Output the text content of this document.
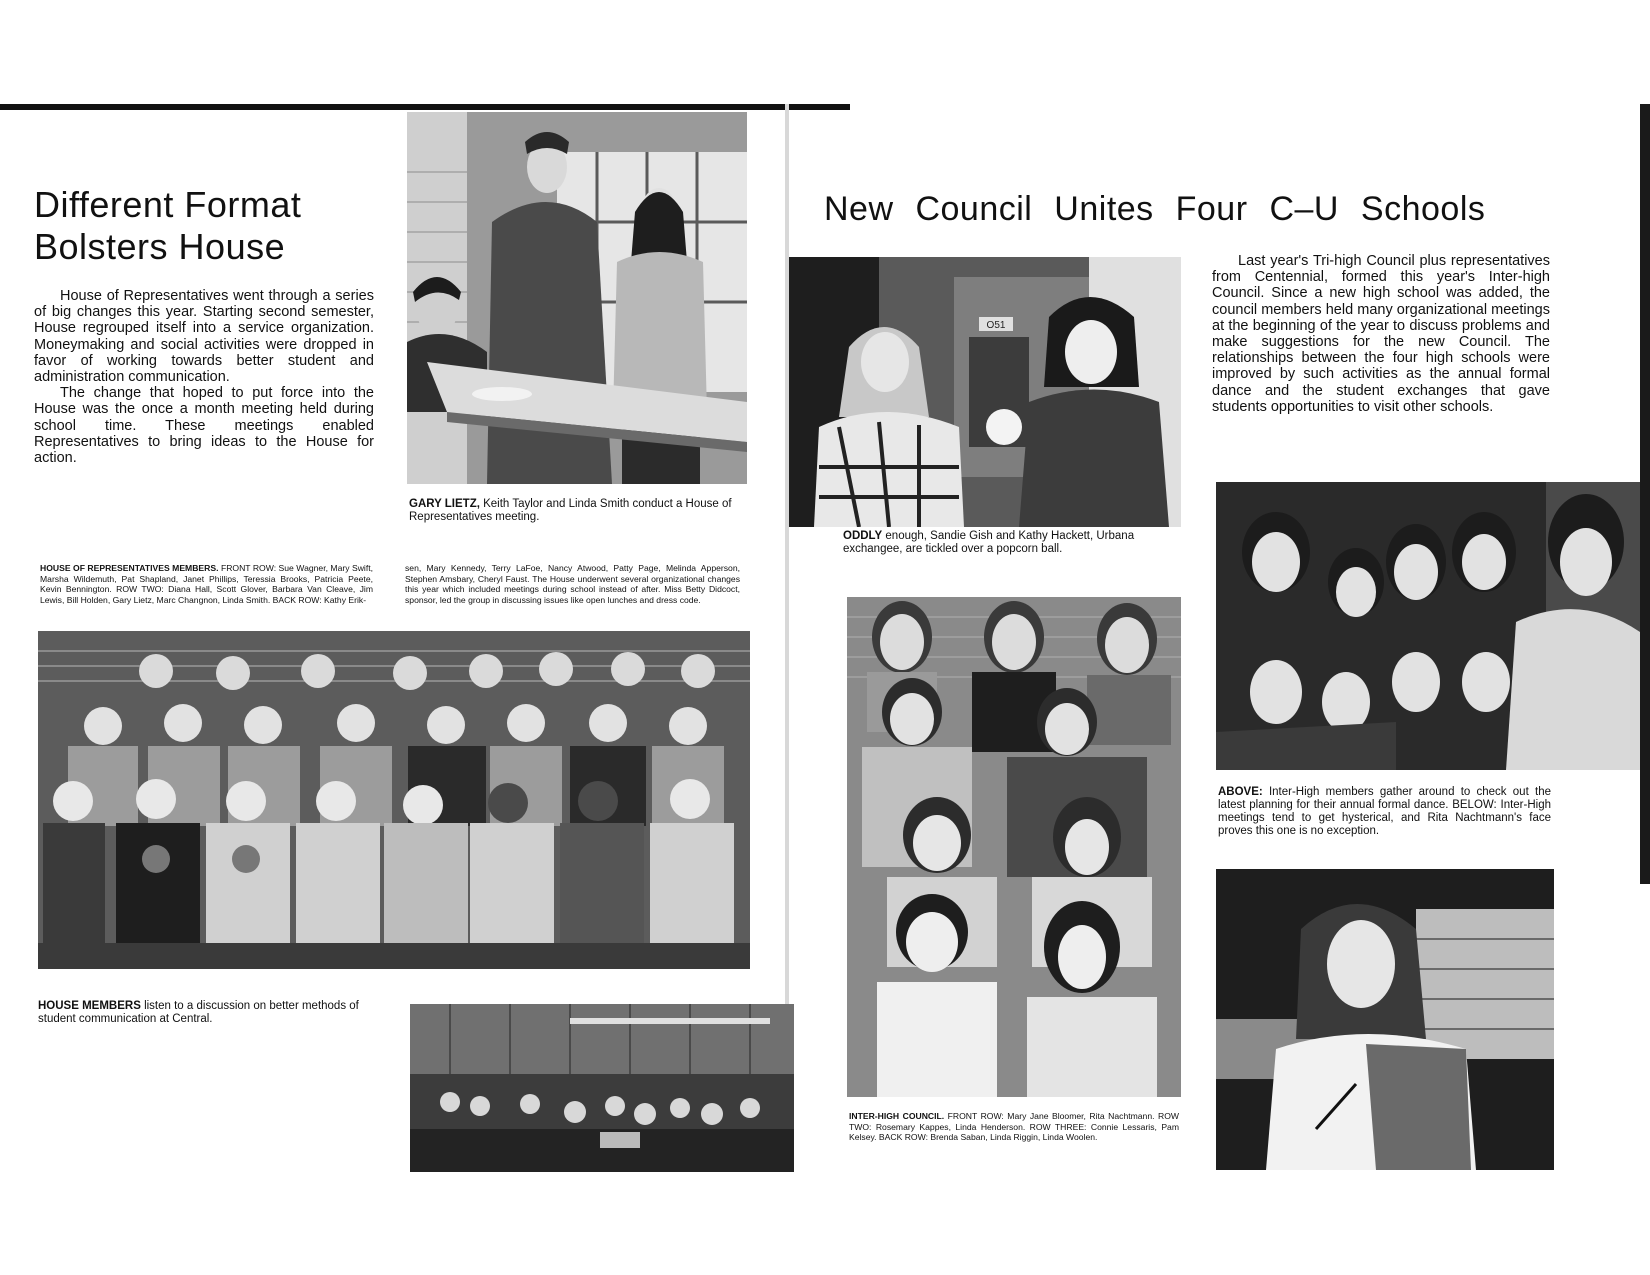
Different Format
Bolsters House

House of Representatives went through a series of big changes this year. Starting second semester, House regrouped itself into a service organization. Moneymaking and social activities were dropped in favor of working towards better student and administration communication.

The change that hoped to put force into the House was the once a month meeting held during school time. These meetings enabled Representatives to bring ideas to the House for action.

GARY LIETZ, Keith Taylor and Linda Smith conduct a House of Representatives meeting.
HOUSE OF REPRESENTATIVES MEMBERS. FRONT ROW: Sue Wagner, Mary Swift, Marsha Wildemuth, Pat Shapland, Janet Phillips, Teressia Brooks, Patricia Peete, Kevin Bennington. ROW TWO: Diana Hall, Scott Glover, Barbara Van Cleave, Jim Lewis, Bill Holden, Gary Lietz, Marc Changnon, Linda Smith. BACK ROW: Kathy Erik-
sen, Mary Kennedy, Terry LaFoe, Nancy Atwood, Patty Page, Melinda Apperson, Stephen Amsbary, Cheryl Faust. The House underwent several organizational changes this year which included meetings during school instead of after. Miss Betty Didcoct, sponsor, led the group in discussing issues like open lunches and dress code.
HOUSE MEMBERS listen to a discussion on better methods of student communication at Central.
New Council Unites Four C–U Schools
O51

Last year's Tri-high Council plus representatives from Centennial, formed this year's Inter-high Council. Since a new high school was added, the council members held many organizational meetings at the beginning of the year to discuss problems and make suggestions for the new Council. The relationships between the four high schools were improved by such activities as the annual formal dance and the student exchanges that gave students opportunities to visit other schools.

ODDLY enough, Sandie Gish and Kathy Hackett, Urbana exchangee, are tickled over a popcorn ball.
ABOVE: Inter-High members gather around to check out the latest planning for their annual formal dance. BELOW: Inter-High meetings tend to get hysterical, and Rita Nachtmann's face proves this one is no exception.
INTER-HIGH COUNCIL. FRONT ROW: Mary Jane Bloomer, Rita Nachtmann. ROW TWO: Rosemary Kappes, Linda Henderson. ROW THREE: Connie Lessaris, Pam Kelsey. BACK ROW: Brenda Saban, Linda Riggin, Linda Woolen.
